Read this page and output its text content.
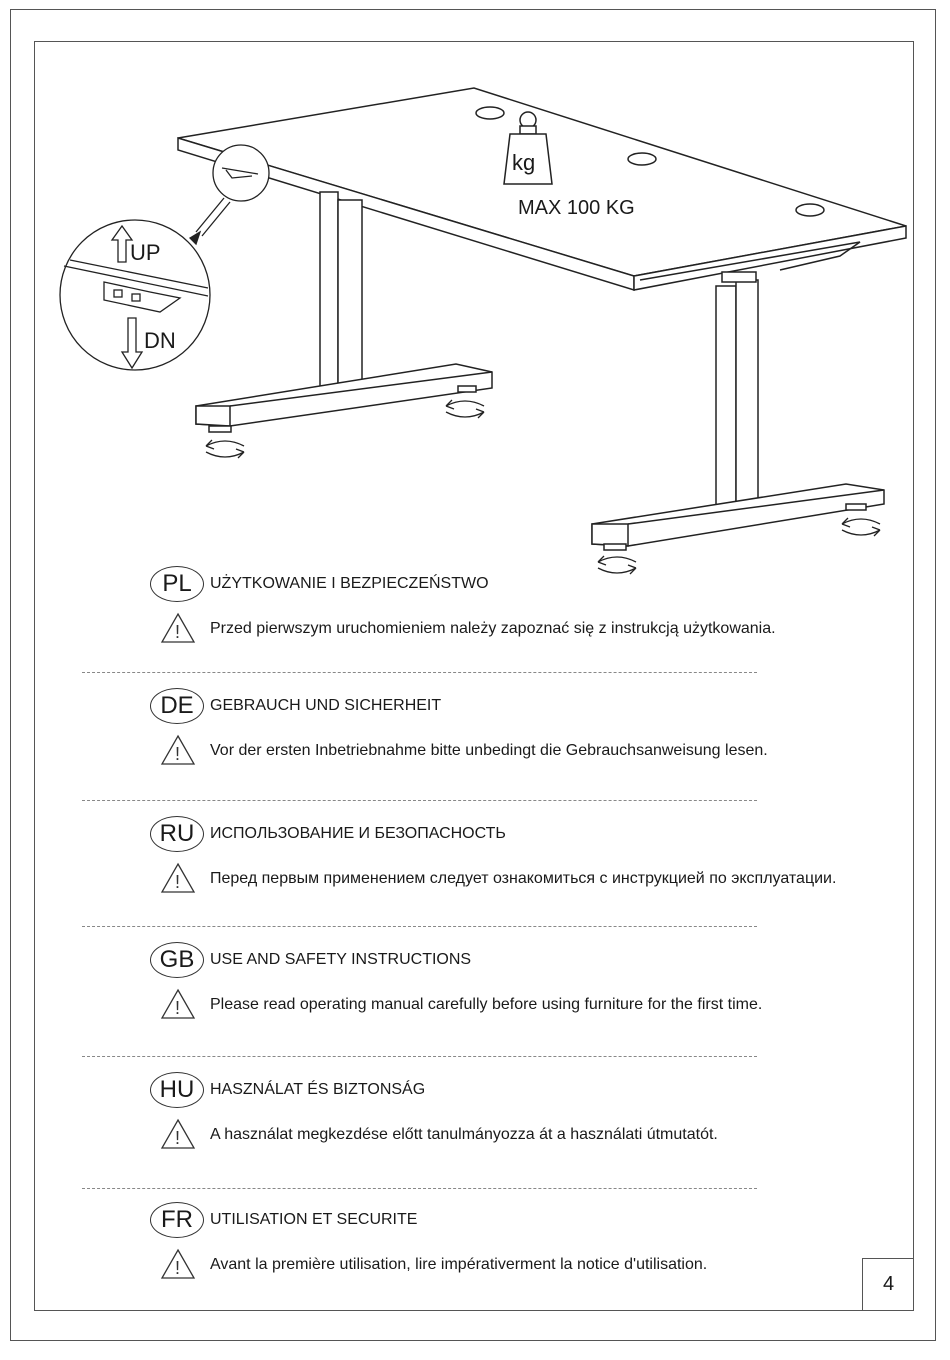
UP
DN
kg
MAX 100 KG
PL	UŻYTKOWANIE I BEZPIECZEŃSTWO
! Przed pierwszym uruchomieniem należy zapoznać się z instrukcją użytkowania.
DE	GEBRAUCH UND SICHERHEIT
! Vor der ersten Inbetriebnahme bitte unbedingt die Gebrauchsanweisung lesen.
RU ИСПОЛЬЗОВАНИЕ И БЕЗОПАСНОСТЬ
! Перед первым применением следует ознакомиться с инструкцией по эксплуатации.
GB USE AND SAFETY INSTRUCTIONS
! Please read operating manual carefully before using furniture for the first time.
HU HASZNÁLAT ÉS BIZTONSÁG
! A használat megkezdése előtt tanulmányozza át a használati útmutatót.
FR	UTILISATION ET SECURITE
! Avant la première utilisation, lire impérativerment la notice d'utilisation.
4
